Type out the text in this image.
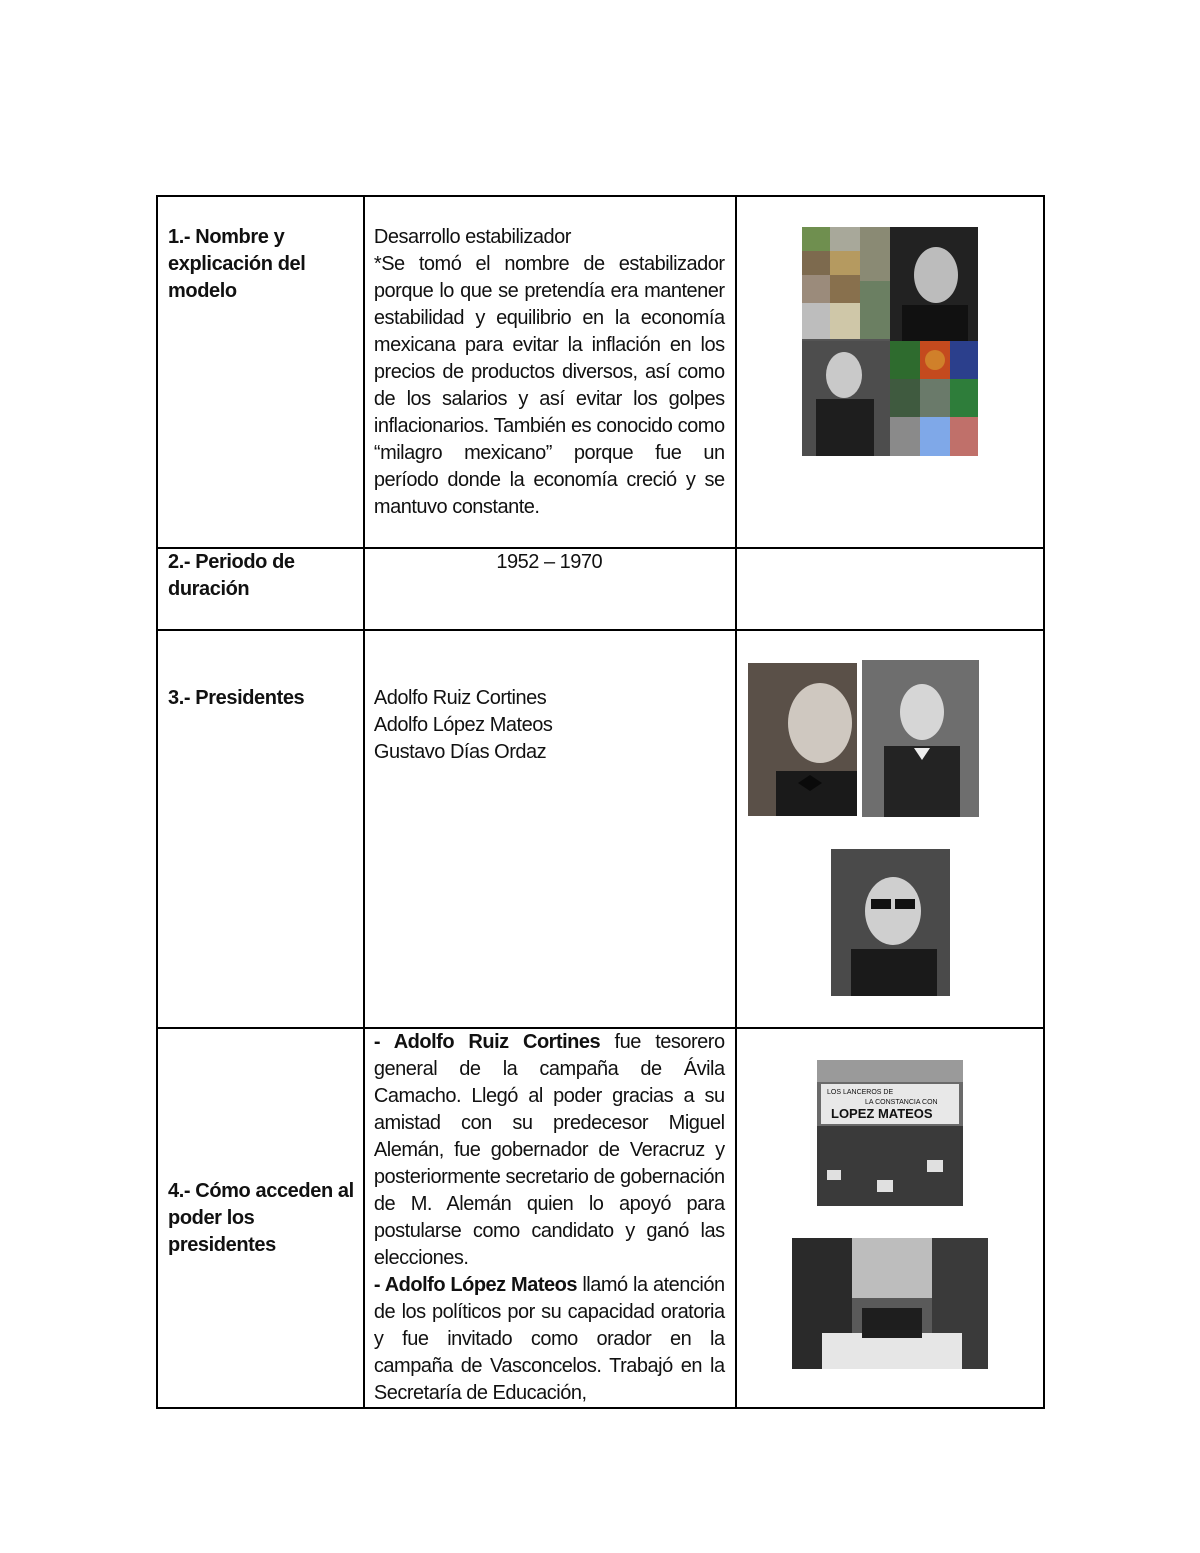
1.- Nombre y explicación del modelo	Desarrollo estabilizador
*Se tomó el nombre de estabilizador porque lo que se pretendía era mantener estabilidad y equilibrio en la economía mexicana para evitar la inflación en los precios de productos diversos, así como de los salarios y así evitar los golpes inflacionarios. También es conocido como “milagro mexicano” porque fue un período donde la economía creció y se mantuvo constante.	

2.- Periodo de duración	1952 – 1970	

3.- Presidentes	Adolfo Ruiz Cortines
Adolfo López Mateos
Gustavo Días Ordaz	

4.- Cómo acceden al poder los presidentes	- Adolfo Ruiz Cortines fue tesorero general de la campaña de Ávila Camacho. Llegó al poder gracias a su amistad con su predecesor Miguel Alemán, fue gobernador de Veracruz y posteriormente secretario de gobernación de M. Alemán quien lo apoyó para postularse como candidato y ganó las elecciones.
- Adolfo López Mateos llamó la atención de los políticos por su capacidad oratoria y fue invitado como orador en la campaña de Vasconcelos. Trabajó en la Secretaría de Educación,	

LOS LANCEROS DE
LA CONSTANCIA CON
LOPEZ MATEOS
